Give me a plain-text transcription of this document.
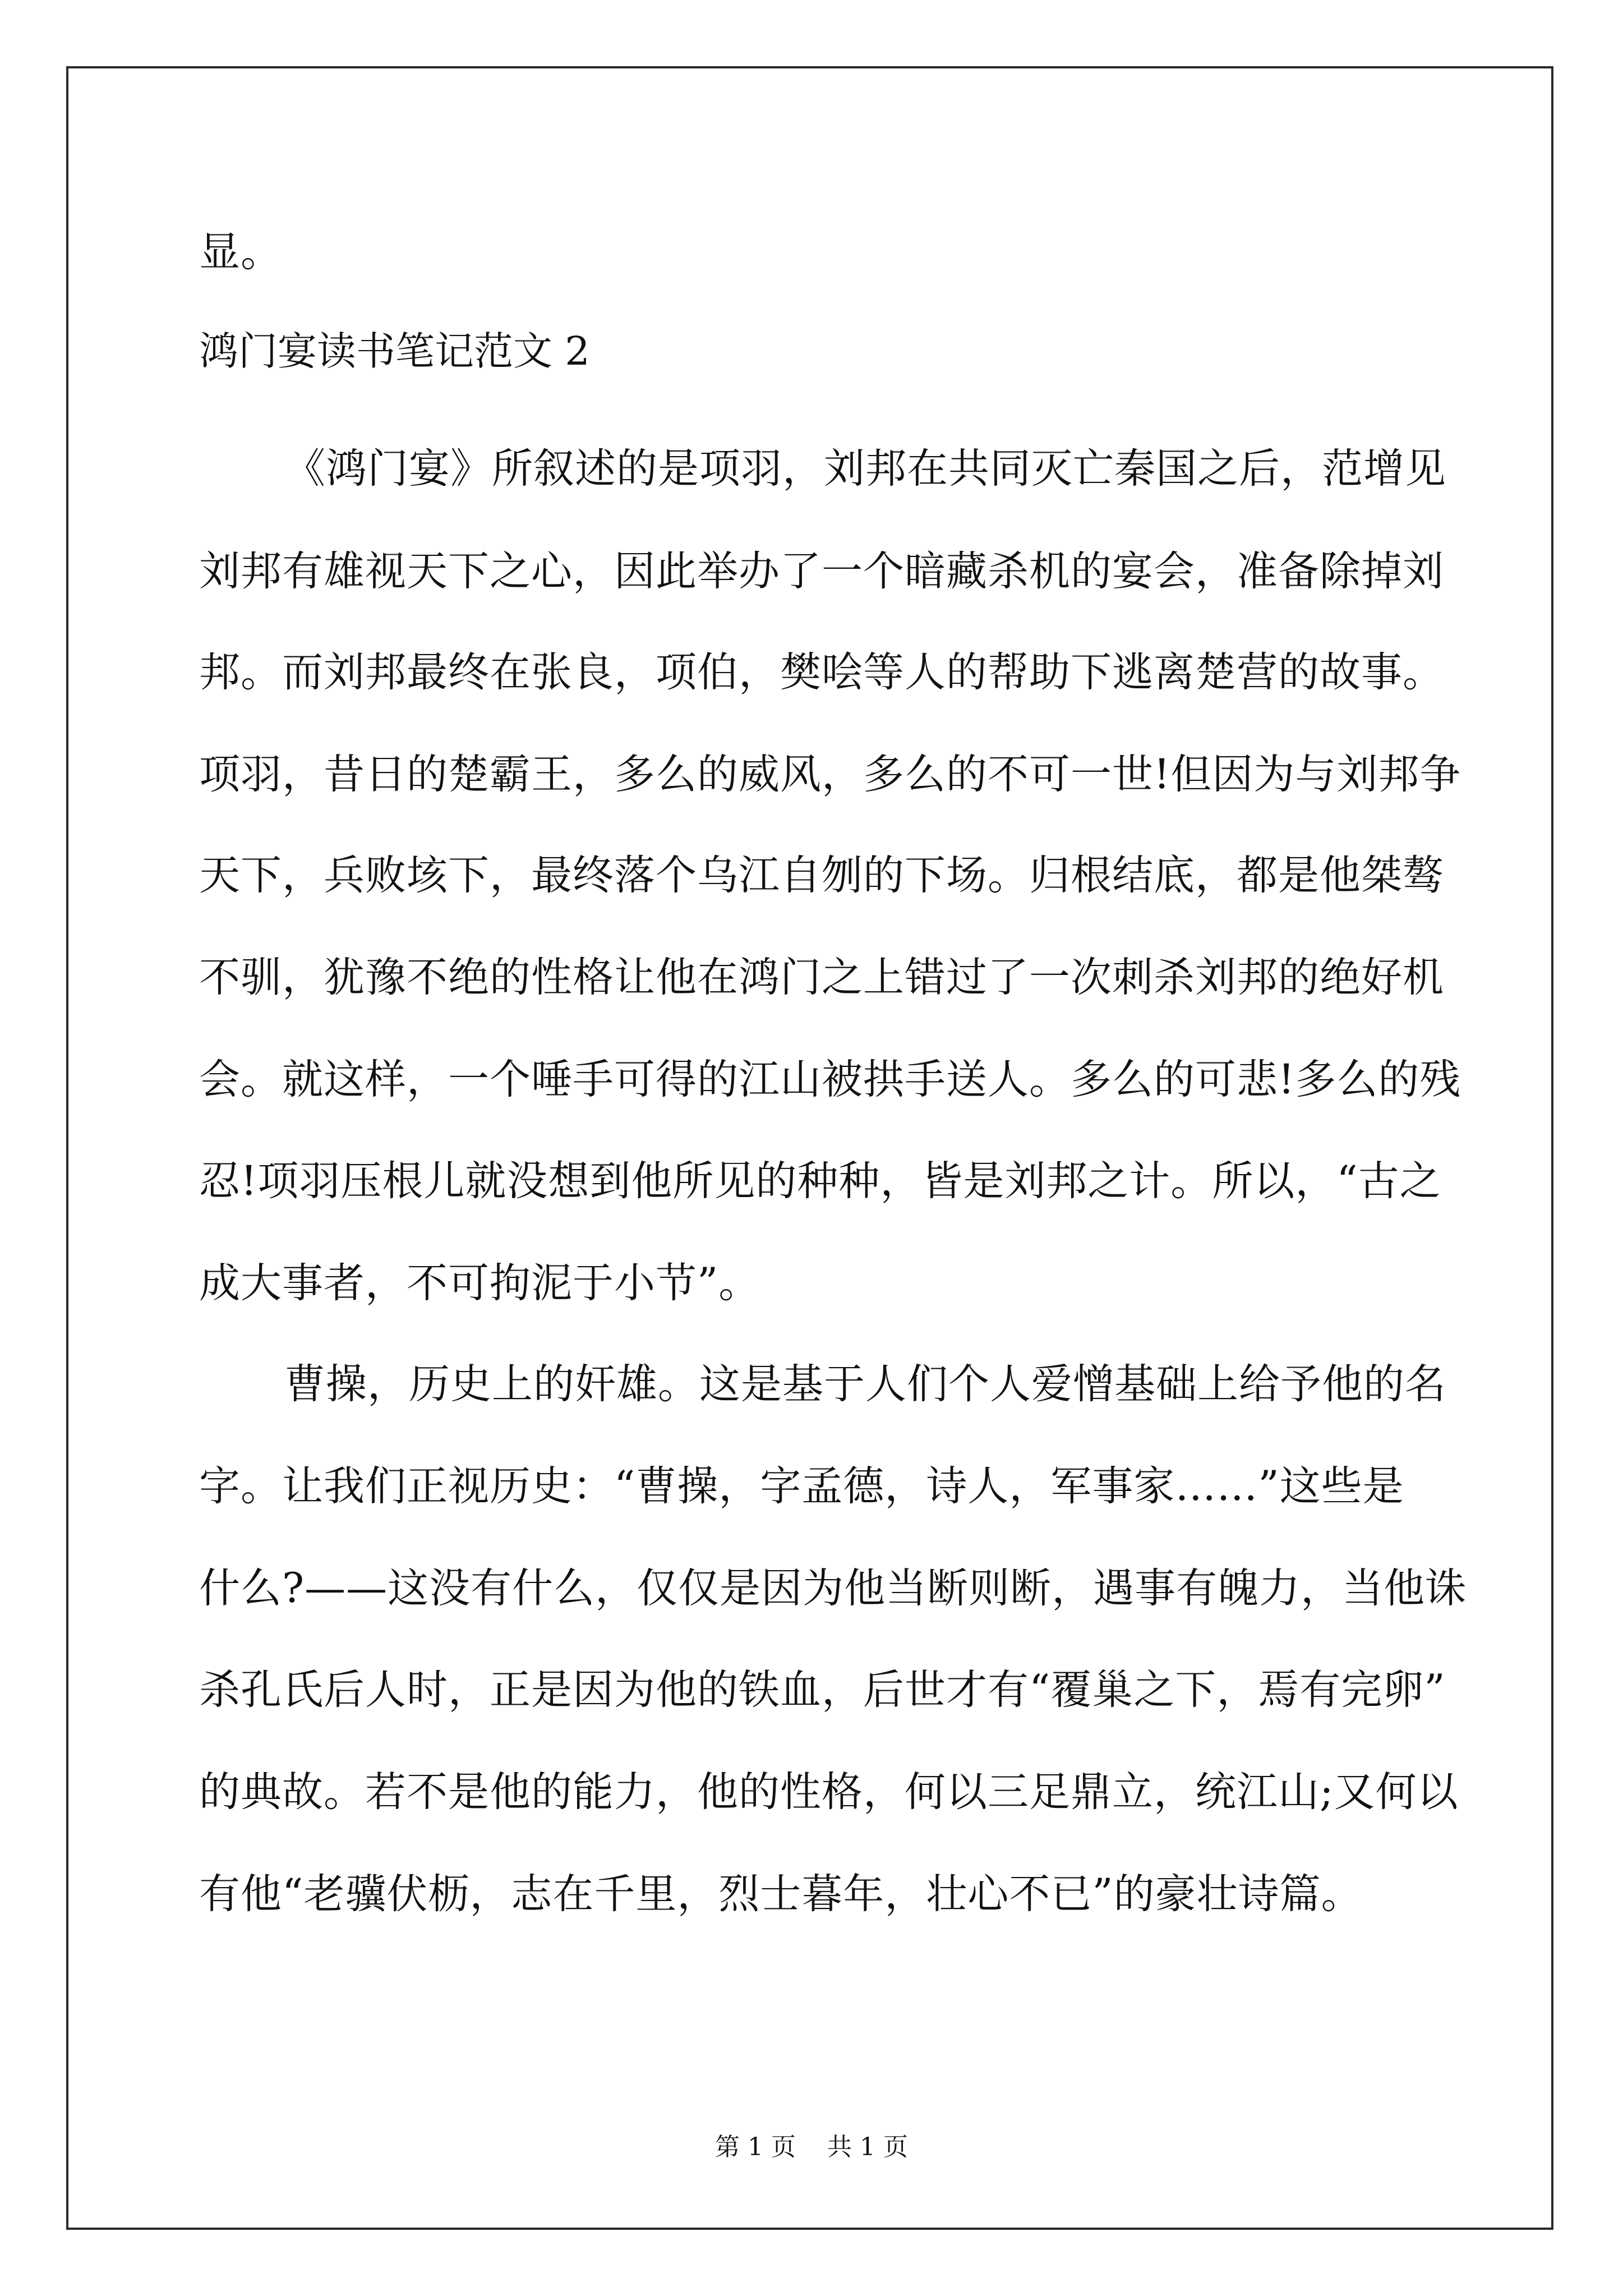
显。
鸿门宴读书笔记范文 2
《鸿门宴》所叙述的是项羽，刘邦在共同灭亡秦国之后，范增见
刘邦有雄视天下之心，因此举办了一个暗藏杀机的宴会，准备除掉刘
邦。而刘邦最终在张良，项伯，樊哙等人的帮助下逃离楚营的故事。
项羽，昔日的楚霸王，多么的威风，多么的不可一世!但因为与刘邦争
天下，兵败垓下，最终落个乌江自刎的下场。归根结底，都是他桀骜
不驯，犹豫不绝的性格让他在鸿门之上错过了一次刺杀刘邦的绝好机
会。就这样，一个唾手可得的江山被拱手送人。多么的可悲!多么的残
忍!项羽压根儿就没想到他所见的种种，皆是刘邦之计。所以，“古之
成大事者，不可拘泥于小节”。
曹操，历史上的奸雄。这是基于人们个人爱憎基础上给予他的名
字。让我们正视历史：“曹操，字孟德，诗人，军事家……”这些是
什么?——这没有什么，仅仅是因为他当断则断，遇事有魄力，当他诛
杀孔氏后人时，正是因为他的铁血，后世才有“覆巢之下，焉有完卵”
的典故。若不是他的能力，他的性格，何以三足鼎立，统江山;又何以
有他“老骥伏枥，志在千里，烈士暮年，壮心不已”的豪壮诗篇。
第 1 页 共 1 页
